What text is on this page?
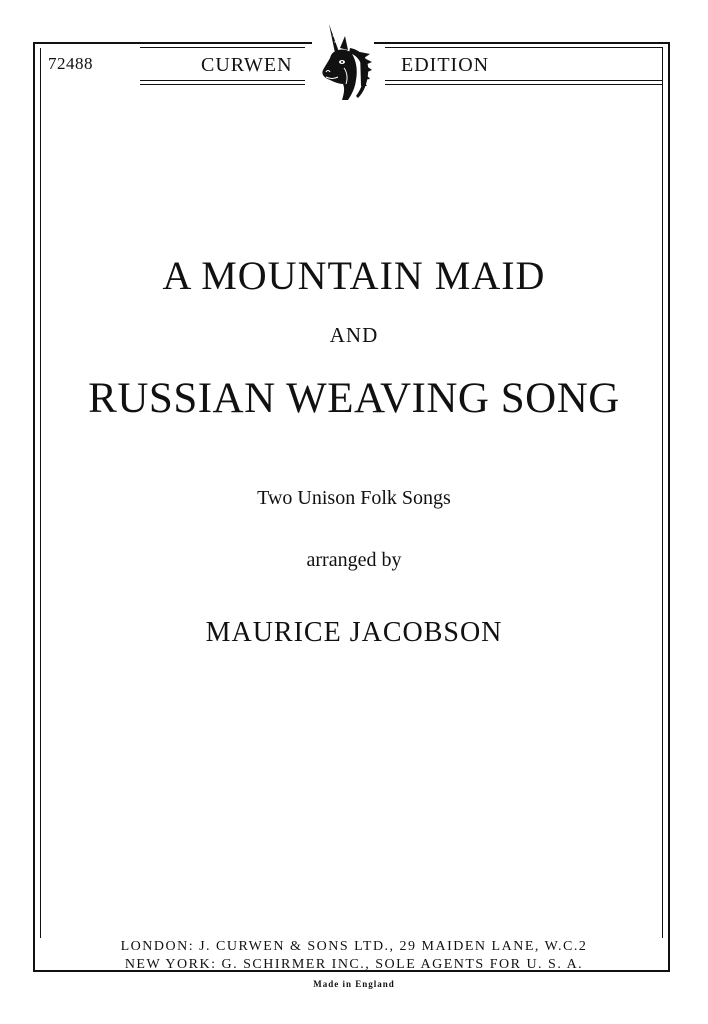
72488	CURWEN	EDITION
A MOUNTAIN MAID
AND
RUSSIAN WEAVING SONG
Two Unison Folk Songs
arranged by
MAURICE JACOBSON
LONDON: J. CURWEN & SONS LTD., 29 MAIDEN LANE, W.C.2
NEW YORK: G. SCHIRMER INC., SOLE AGENTS FOR U. S. A.
Made in England
